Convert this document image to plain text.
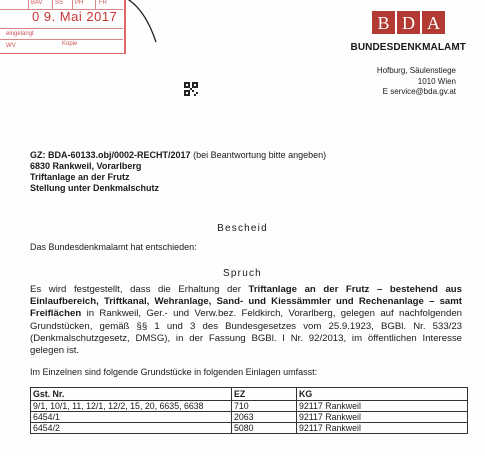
BAV SS PH	FR
0 9. Mai 2017
eingelangt
WV	Kopie
B D A
BUNDESDENKMALAMT
Hofburg, Säulenstiege
1010 Wien
E service@bda.gv.at
GZ: BDA-60133.obj/0002-RECHT/2017 (bei Beantwortung bitte angeben)
6830 Rankweil, Vorarlberg
Triftanlage an der Frutz
Stellung unter Denkmalschutz
Bescheid
Das Bundesdenkmalamt hat entschieden:
Spruch
Es wird festgestellt, dass die Erhaltung der Triftanlage an der Frutz – bestehend aus Einlaufbereich, Triftkanal, Wehranlage, Sand- und Kiessämmler und Rechenanlage – samt Freiflächen in Rankweil, Ger.- und Verw.bez. Feldkirch, Vorarlberg, gelegen auf nachfolgenden Grundstücken, gemäß §§ 1 und 3 des Bundesgesetzes vom 25.9.1923, BGBl. Nr. 533/23 (Denkmalschutzgesetz, DMSG), in der Fassung BGBl. I Nr. 92/2013, im öffentlichen Interesse gelegen ist.
Im Einzelnen sind folgende Grundstücke in folgenden Einlagen umfasst:
Gst. Nr.	EZ	KG
9/1, 10/1, 11, 12/1, 12/2, 15, 20, 6635, 6638	710	92117 Rankweil
6454/1	2063	92117 Rankweil
6454/2	5080	92117 Rankweil
